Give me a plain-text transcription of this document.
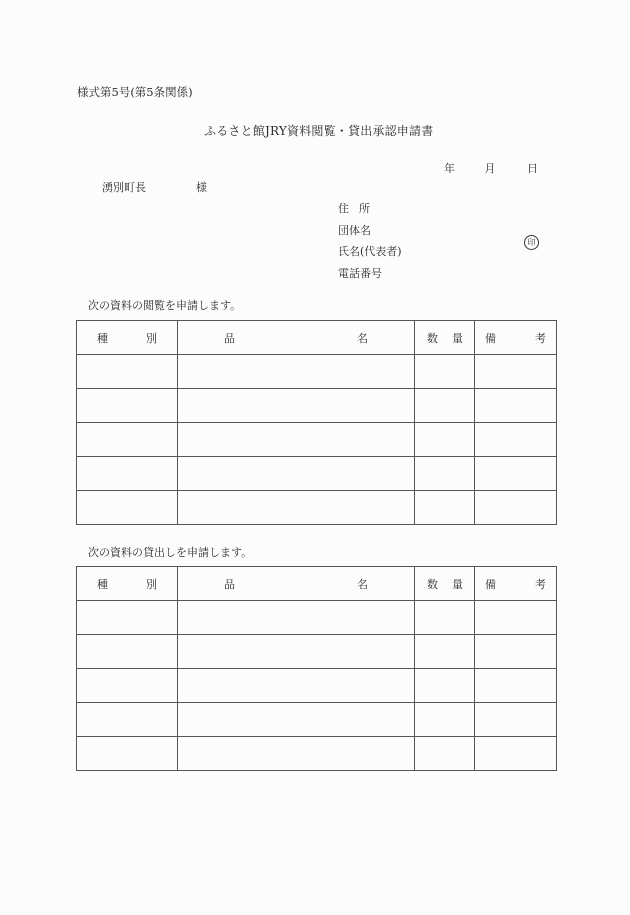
様式第5号(第5条関係)
ふるさと館JRY資料閲覧・貸出承認申請書
年	月	日
湧別町長	様
住 所
団体名
氏名(代表者)
電話番号
印
次の資料の閲覧を申請します。
種 別	品 名	数 量	備 考

次の資料の貸出しを申請します。
種 別	品 名	数 量	備 考
